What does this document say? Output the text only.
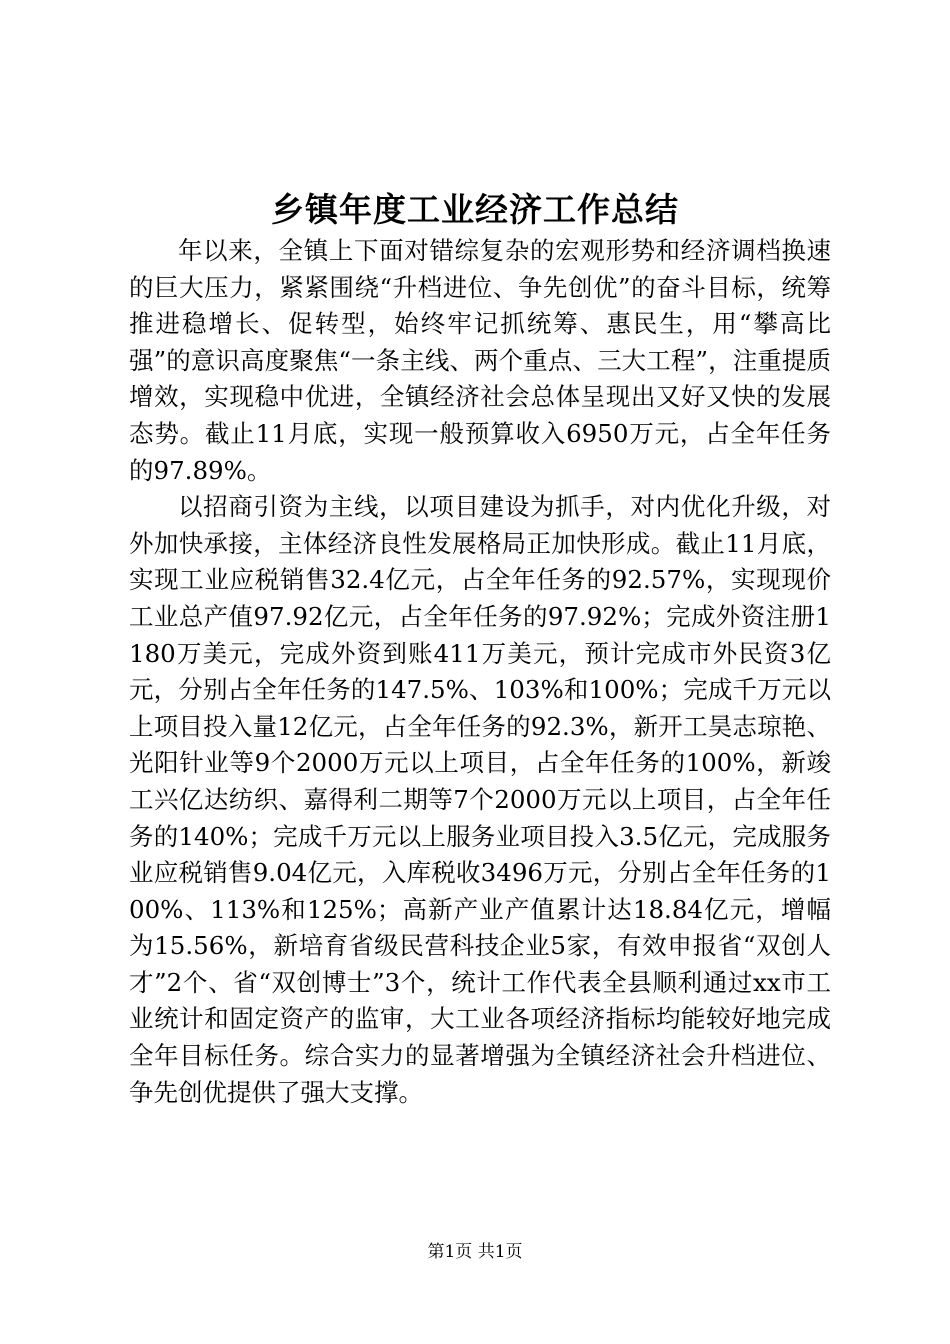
乡镇年度工业经济工作总结

年以来，全镇上下面对错综复杂的宏观形势和经济调档换速的巨大压力，紧紧围绕“升档进位、争先创优”的奋斗目标，统筹推进稳增长、促转型，始终牢记抓统筹、惠民生，用“攀高比强”的意识高度聚焦“一条主线、两个重点、三大工程”，注重提质增效，实现稳中优进，全镇经济社会总体呈现出又好又快的发展态势。截止11月底，实现一般预算收入6950万元，占全年任务的97.89%。

以招商引资为主线，以项目建设为抓手，对内优化升级，对外加快承接，主体经济良性发展格局正加快形成。截止11月底，实现工业应税销售32.4亿元，占全年任务的92.57%，实现现价工业总产值97.92亿元，占全年任务的97.92%；完成外资注册1180万美元，完成外资到账411万美元，预计完成市外民资3亿元，分别占全年任务的147.5%、103%和100%；完成千万元以上项目投入量12亿元，占全年任务的92.3%，新开工昊志琼艳、光阳针业等9个2000万元以上项目，占全年任务的100%，新竣工兴亿达纺织、嘉得利二期等7个2000万元以上项目，占全年任务的140%；完成千万元以上服务业项目投入3.5亿元，完成服务业应税销售9.04亿元，入库税收3496万元，分别占全年任务的100%、113%和125%；高新产业产值累计达18.84亿元，增幅为15.56%，新培育省级民营科技企业5家，有效申报省“双创人才”2个、省“双创博士”3个，统计工作代表全县顺利通过xx市工业统计和固定资产的监审，大工业各项经济指标均能较好地完成全年目标任务。综合实力的显著增强为全镇经济社会升档进位、争先创优提供了强大支撑。

第1页 共1页
